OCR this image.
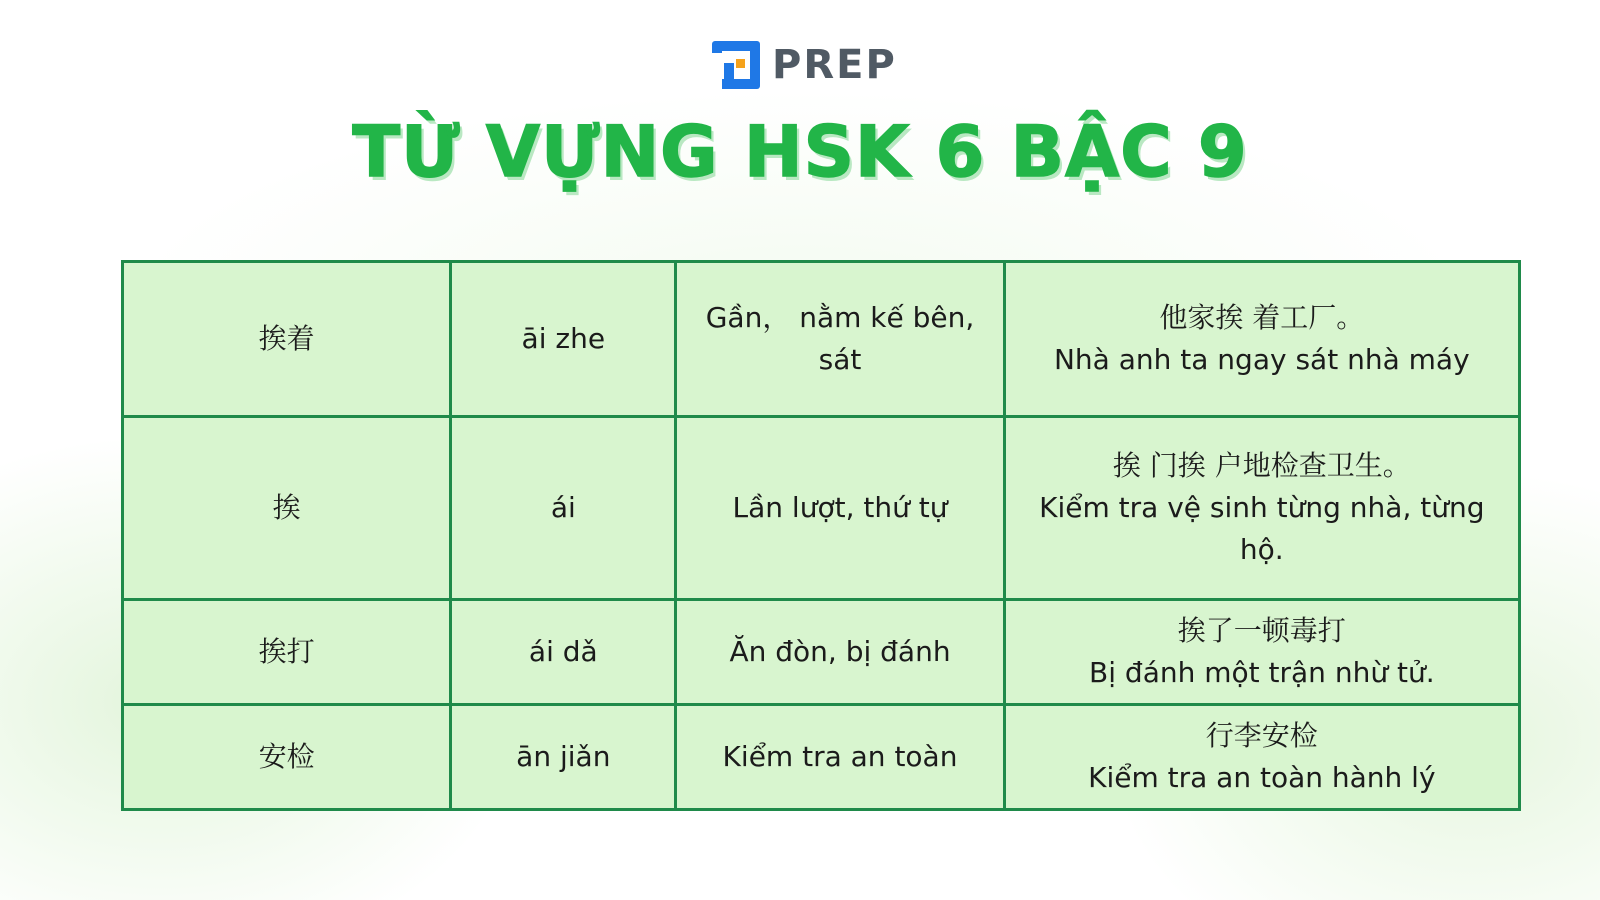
PREP
TỪ VỰNG HSK 6 BẬC 9
挨着	āi zhe	Gần， nằm kế bên, sát	他家挨 着工厂。
Nhà anh ta ngay sát nhà máy

挨	ái	Lần lượt, thứ tự	挨 门挨 户地检查卫生。
Kiểm tra vệ sinh từng nhà, từng hộ.

挨打	ái dǎ	Ăn đòn, bị đánh	挨了一顿毒打
Bị đánh một trận nhừ tử.

安检	ān jiǎn	Kiểm tra an toàn	行李安检
Kiểm tra an toàn hành lý
